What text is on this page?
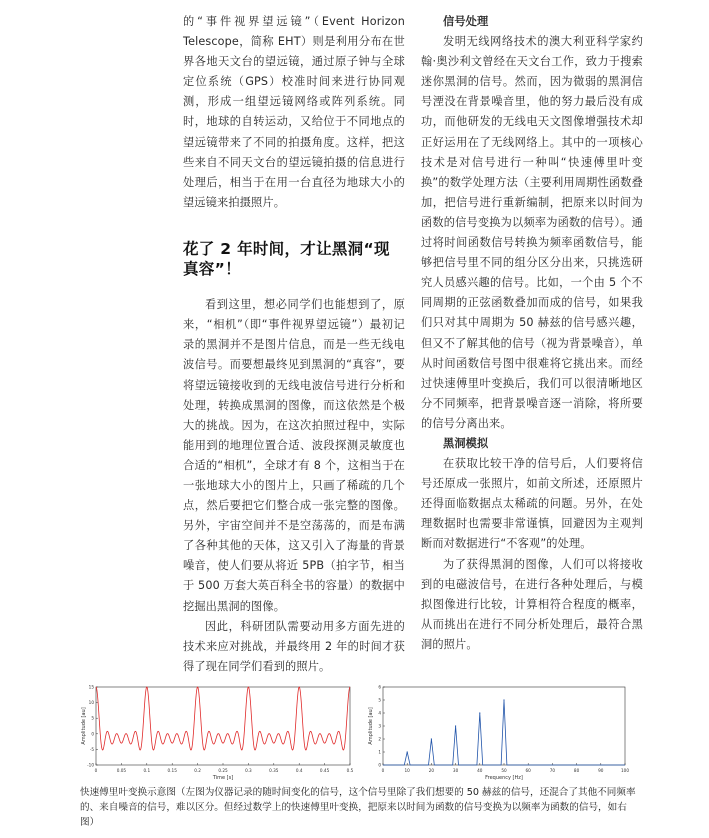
的“事件视界望远镜”（Event Horizon Telescope，简称 EHT）则是利用分布在世界各地天文台的望远镜，通过原子钟与全球定位系统（GPS）校准时间来进行协同观测，形成一组望远镜网络或阵列系统。同时，地球的自转运动，又给位于不同地点的望远镜带来了不同的拍摄角度。这样，把这些来自不同天文台的望远镜拍摄的信息进行处理后，相当于在用一台直径为地球大小的望远镜来拍摄照片。

花了 2 年时间，才让黑洞“现真容”！

看到这里，想必同学们也能想到了，原来，“相机”（即“事件视界望远镜”）最初记录的黑洞并不是图片信息，而是一些无线电波信号。而要想最终见到黑洞的“真容”，要将望远镜接收到的无线电波信号进行分析和处理，转换成黑洞的图像，而这依然是个极大的挑战。因为，在这次拍照过程中，实际能用到的地理位置合适、波段探测灵敏度也合适的“相机”，全球才有 8 个，这相当于在一张地球大小的图片上，只画了稀疏的几个点，然后要把它们整合成一张完整的图像。另外，宇宙空间并不是空荡荡的，而是布满了各种其他的天体，这又引入了海量的背景噪音，使人们要从将近 5PB（拍字节，相当于 500 万套大英百科全书的容量）的数据中挖掘出黑洞的图像。

因此，科研团队需要动用多方面先进的技术来应对挑战，并最终用 2 年的时间才获得了现在同学们看到的照片。

信号处理

发明无线网络技术的澳大利亚科学家约翰·奥沙利文曾经在天文台工作，致力于搜索迷你黑洞的信号。然而，因为微弱的黑洞信号湮没在背景噪音里，他的努力最后没有成功，而他研发的无线电天文图像增强技术却正好运用在了无线网络上。其中的一项核心技术是对信号进行一种叫“快速傅里叶变换”的数学处理方法（主要利用周期性函数叠加，把信号进行重新编制，把原来以时间为函数的信号变换为以频率为函数的信号）。通过将时间函数信号转换为频率函数信号，能够把信号里不同的组分区分出来，只挑选研究人员感兴趣的信号。比如，一个由 5 个不同周期的正弦函数叠加而成的信号，如果我们只对其中周期为 50 赫兹的信号感兴趣，但又不了解其他的信号（视为背景噪音），单从时间函数信号图中很难将它挑出来。而经过快速傅里叶变换后，我们可以很清晰地区分不同频率，把背景噪音逐一消除，将所要的信号分离出来。

黑洞模拟

在获取比较干净的信号后，人们要将信号还原成一张照片，如前文所述，还原照片还得面临数据点太稀疏的问题。另外，在处理数据时也需要非常谨慎，回避因为主观判断而对数据进行“不客观”的处理。

为了获得黑洞的图像，人们可以将接收到的电磁波信号，在进行各种处理后，与模拟图像进行比较，计算相符合程度的概率，从而挑出在进行不同分析处理后，最符合黑洞的照片。

0	0.05	0.1	0.15	0.2	0.25	0.3	0.35	0.4	0.45	0.5
15
10
5
0
-5
-10
Time [s]
Amplitude [au]
0	10	20	30	40	50	60	70	80	90	100
6
5
4
3
2
1
0
Frequency [Hz]
Amplitude [au]
快速傅里叶变换示意图（左图为仪器记录的随时间变化的信号，这个信号里除了我们想要的 50 赫兹的信号，还混合了其他不同频率的、来自噪音的信号，难以区分。但经过数学上的快速傅里叶变换，把原来以时间为函数的信号变换为以频率为函数的信号，如右图）
